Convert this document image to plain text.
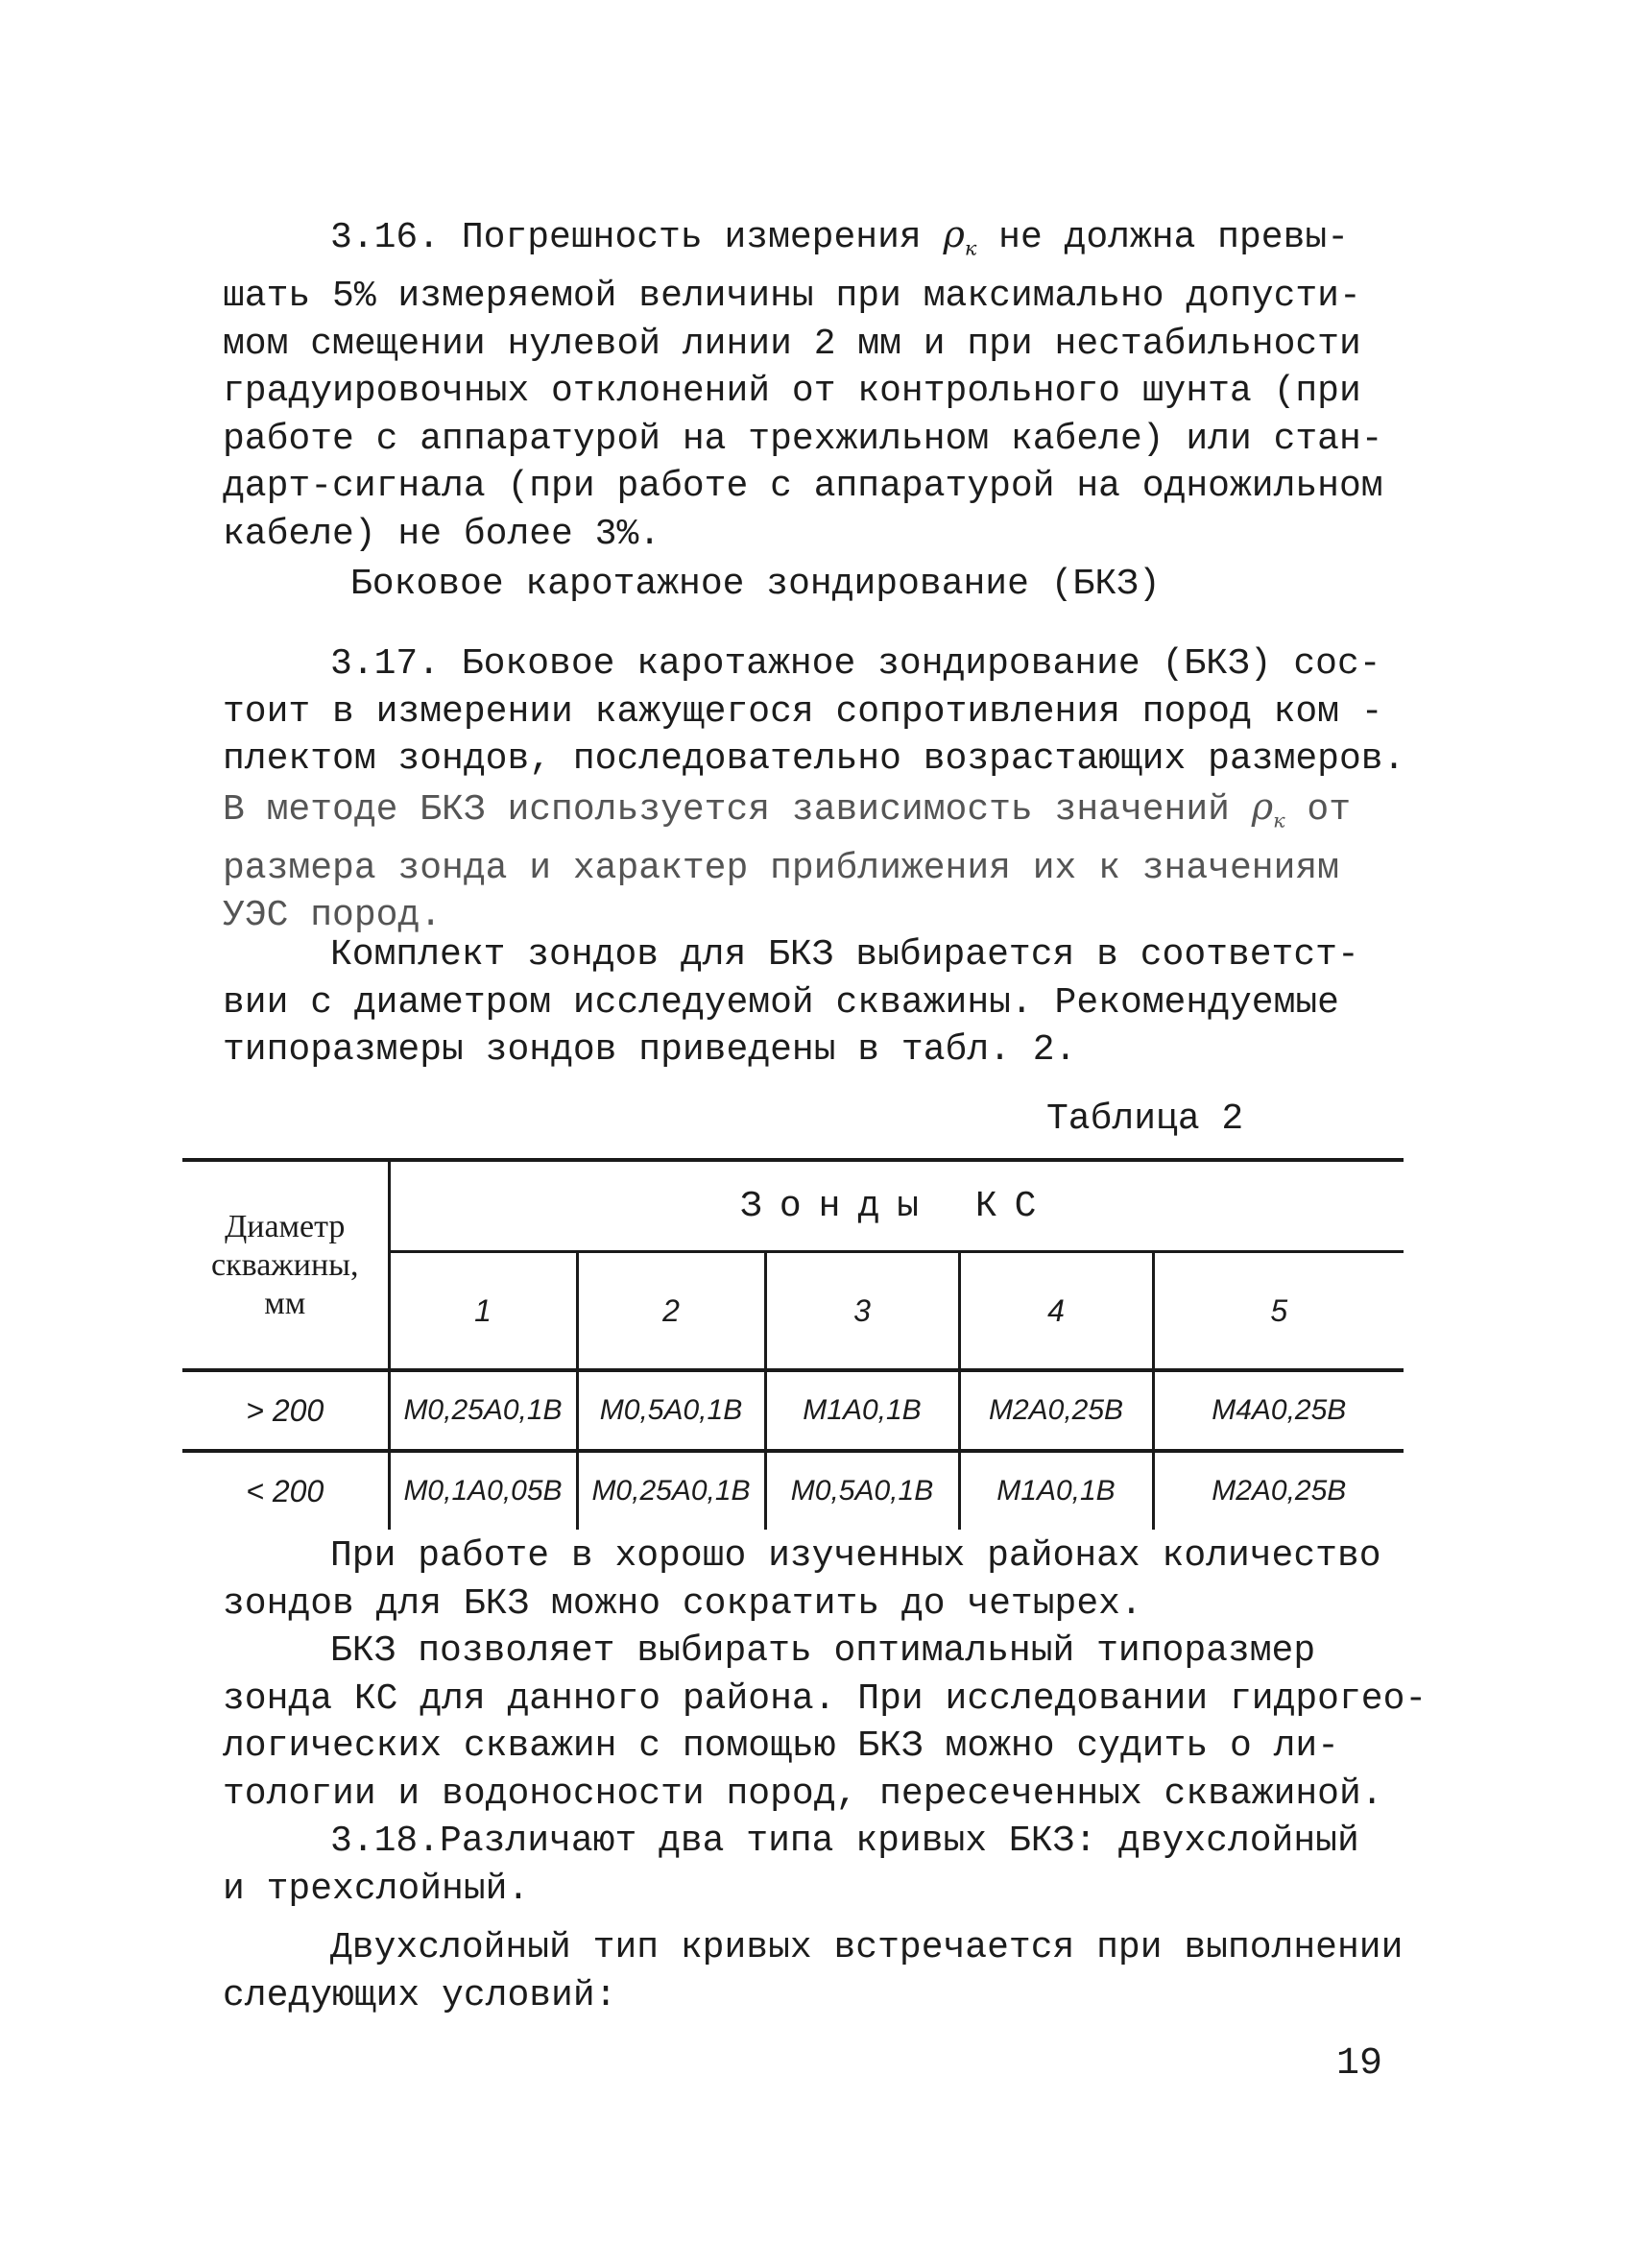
3.16. Погрешность измерения $\rho_к$ не должна превы-
шать 5% измеряемой величины при максимально допусти-
мом смещении нулевой линии 2 мм и при нестабильности
градуировочных отклонений от контрольного шунта (при
работе с аппаратурой на трехжильном кабеле) или стан-
дарт-сигнала (при работе с аппаратурой на одножильном
кабеле) не более 3%.

Боковое каротажное зондирование (БКЗ)

3.17. Боковое каротажное зондирование (БКЗ) сос-
тоит в измерении кажущегося сопротивления пород ком -
плектом зондов, последовательно возрастающих размеров.
В методе БКЗ используется зависимость значений $\rho_к$ от
размера зонда и характер приближения их к значениям
УЭС пород.

Комплект зондов для БКЗ выбирается в соответст-
вии с диаметром исследуемой скважины. Рекомендуемые
типоразмеры зондов приведены в табл. 2.

Таблица 2
Диаметр
скважины,
мм	Зонды КС				
	1	2	3	4	5
> 200	M0,25A0,1B	M0,5A0,1B	M1A0,1B	M2A0,25B	M4A0,25B
< 200	M0,1A0,05B	M0,25A0,1B	M0,5A0,1B	M1A0,1B	M2A0,25B

При работе в хорошо изученных районах количество
зондов для БКЗ можно сократить до четырех.
БКЗ позволяет выбирать оптимальный типоразмер
зонда КС для данного района. При исследовании гидрогео-
логических скважин с помощью БКЗ можно судить о ли-
тологии и водоносности пород, пересеченных скважиной.
3.18.Различают два типа кривых БКЗ: двухслойный
и трехслойный.
Двухслойный тип кривых встречается при выполнении
следующих условий:

19
